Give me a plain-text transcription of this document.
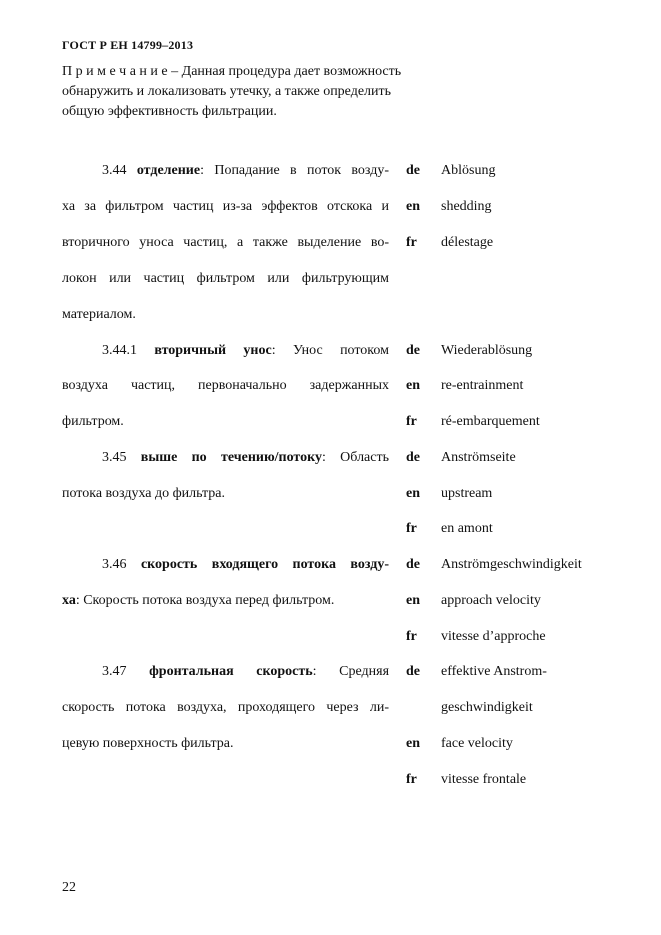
ГОСТ Р ЕН 14799–2013
П р и м е ч а н и е – Данная процедура дает возможность
обнаружить и локализовать утечку, а также определить
общую эффективность фильтрации.
3.44 отделение: Попадание в поток возду-
ха за фильтром частиц из-за эффектов отскока и
вторичного уноса частиц, а также выделение во-
локон или частиц фильтром или фильтрующим
материалом.
de Ablösung
en shedding
fr délestage
3.44.1 вторичный унос: Унос потоком
воздуха частиц, первоначально задержанных
фильтром.
de Wiederablösung
en re-entrainment
fr ré-embarquement
3.45 выше по течению/потоку: Область
потока воздуха до фильтра.
de Anströmseite
en upstream
fr en amont
3.46 скорость входящего потока возду-
ха: Скорость потока воздуха перед фильтром.
de Anströmgeschwindigkeit
en approach velocity
fr vitesse d’approche
3.47 фронтальная скорость: Средняя
скорость потока воздуха, проходящего через ли-
цевую поверхность фильтра.
de effektive Anstrom-
geschwindigkeit
en face velocity
fr vitesse frontale
22
